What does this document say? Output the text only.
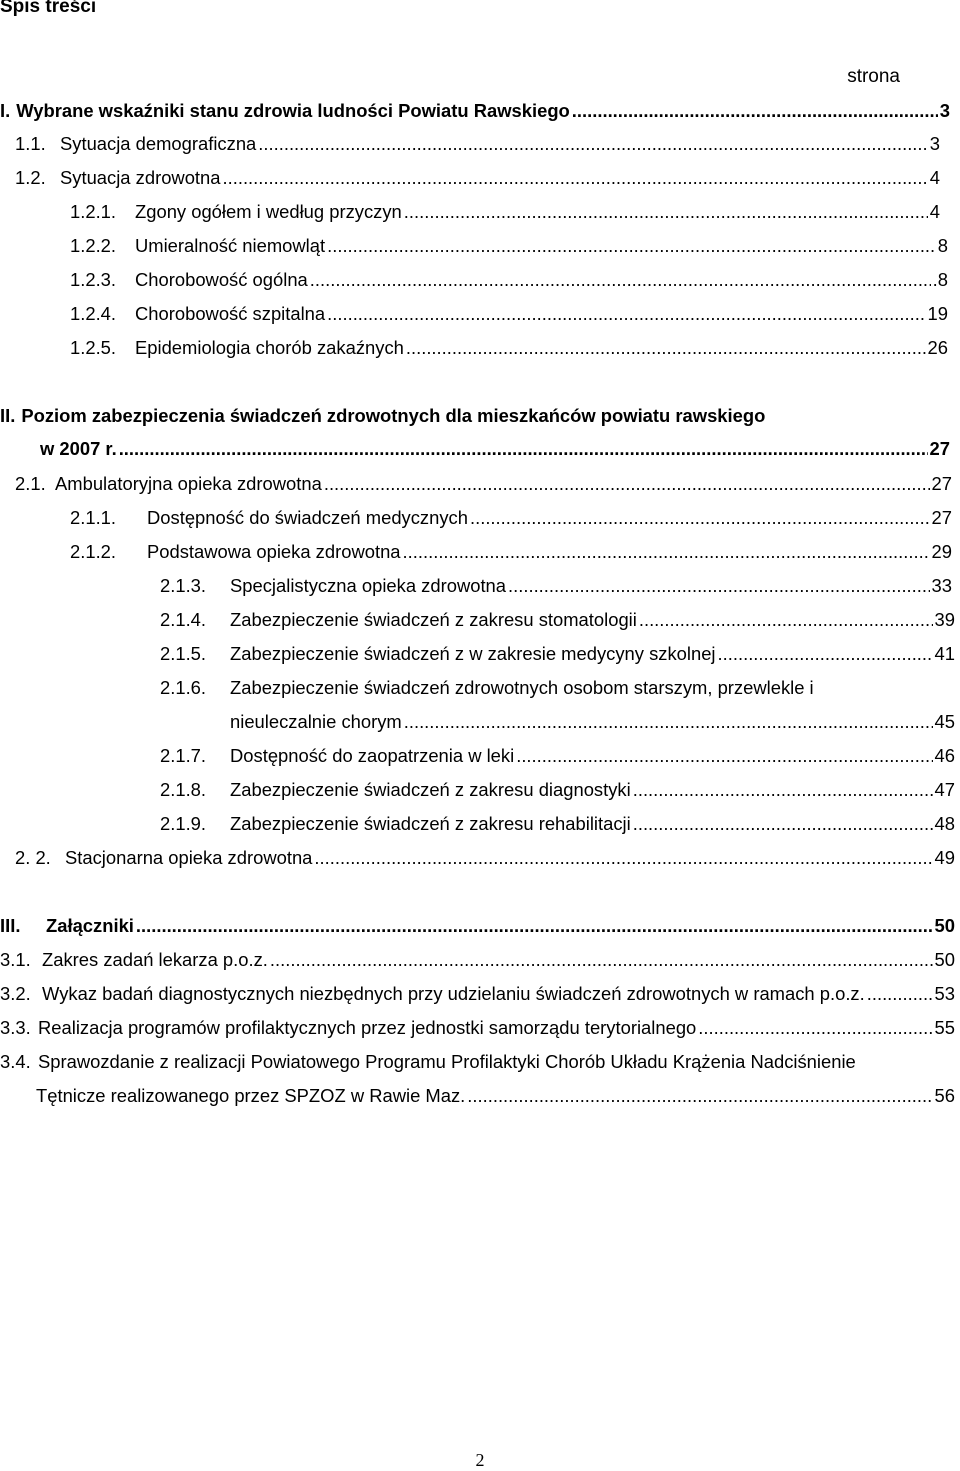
Spis treści
strona
I. Wybrane wskaźniki stanu zdrowia ludności Powiatu Rawskiego .....	3
1.1. Sytuacja demograficzna .....	3
1.2. Sytuacja zdrowotna .....	4
1.2.1.	Zgony ogółem i według przyczyn .....	4
1.2.2.	Umieralność niemowląt .....	8
1.2.3.	Chorobowość ogólna .....	.8
1.2.4.	Chorobowość szpitalna .....	19
1.2.5.	Epidemiologia chorób zakaźnych .....	26
II. Poziom zabezpieczenia świadczeń zdrowotnych dla mieszkańców powiatu rawskiego
w 2007 r. .....	27
2.1. Ambulatoryjna opieka zdrowotna .....	27
2.1.1.	Dostępność do świadczeń medycznych .....	27
2.1.2.	Podstawowa opieka zdrowotna .....	29
2.1.3.	Specjalistyczna opieka zdrowotna .....	33
2.1.4.	Zabezpieczenie świadczeń z zakresu stomatologii .....	39
2.1.5.	Zabezpieczenie świadczeń z w zakresie medycyny szkolnej .....	41
2.1.6.	Zabezpieczenie świadczeń zdrowotnych osobom starszym, przewlekle i
nieuleczalnie chorym .....	45
2.1.7.	Dostępność do zaopatrzenia w leki .....	46
2.1.8.	Zabezpieczenie świadczeń z zakresu diagnostyki .....	47
2.1.9.	Zabezpieczenie świadczeń z zakresu rehabilitacji .....	48
2. 2. Stacjonarna opieka zdrowotna .....	49
III.	Załączniki .....	50
3.1. Zakres zadań lekarza p.o.z. .....	50
3.2. Wykaz badań diagnostycznych niezbędnych przy udzielaniu świadczeń zdrowotnych w ramach p.o.z. .....	53
3.3. Realizacja programów profilaktycznych przez jednostki samorządu terytorialnego .....	55
3.4. Sprawozdanie z realizacji Powiatowego Programu Profilaktyki Chorób Układu Krążenia Nadciśnienie
Tętnicze realizowanego przez SPZOZ w Rawie Maz. .....	56
2
